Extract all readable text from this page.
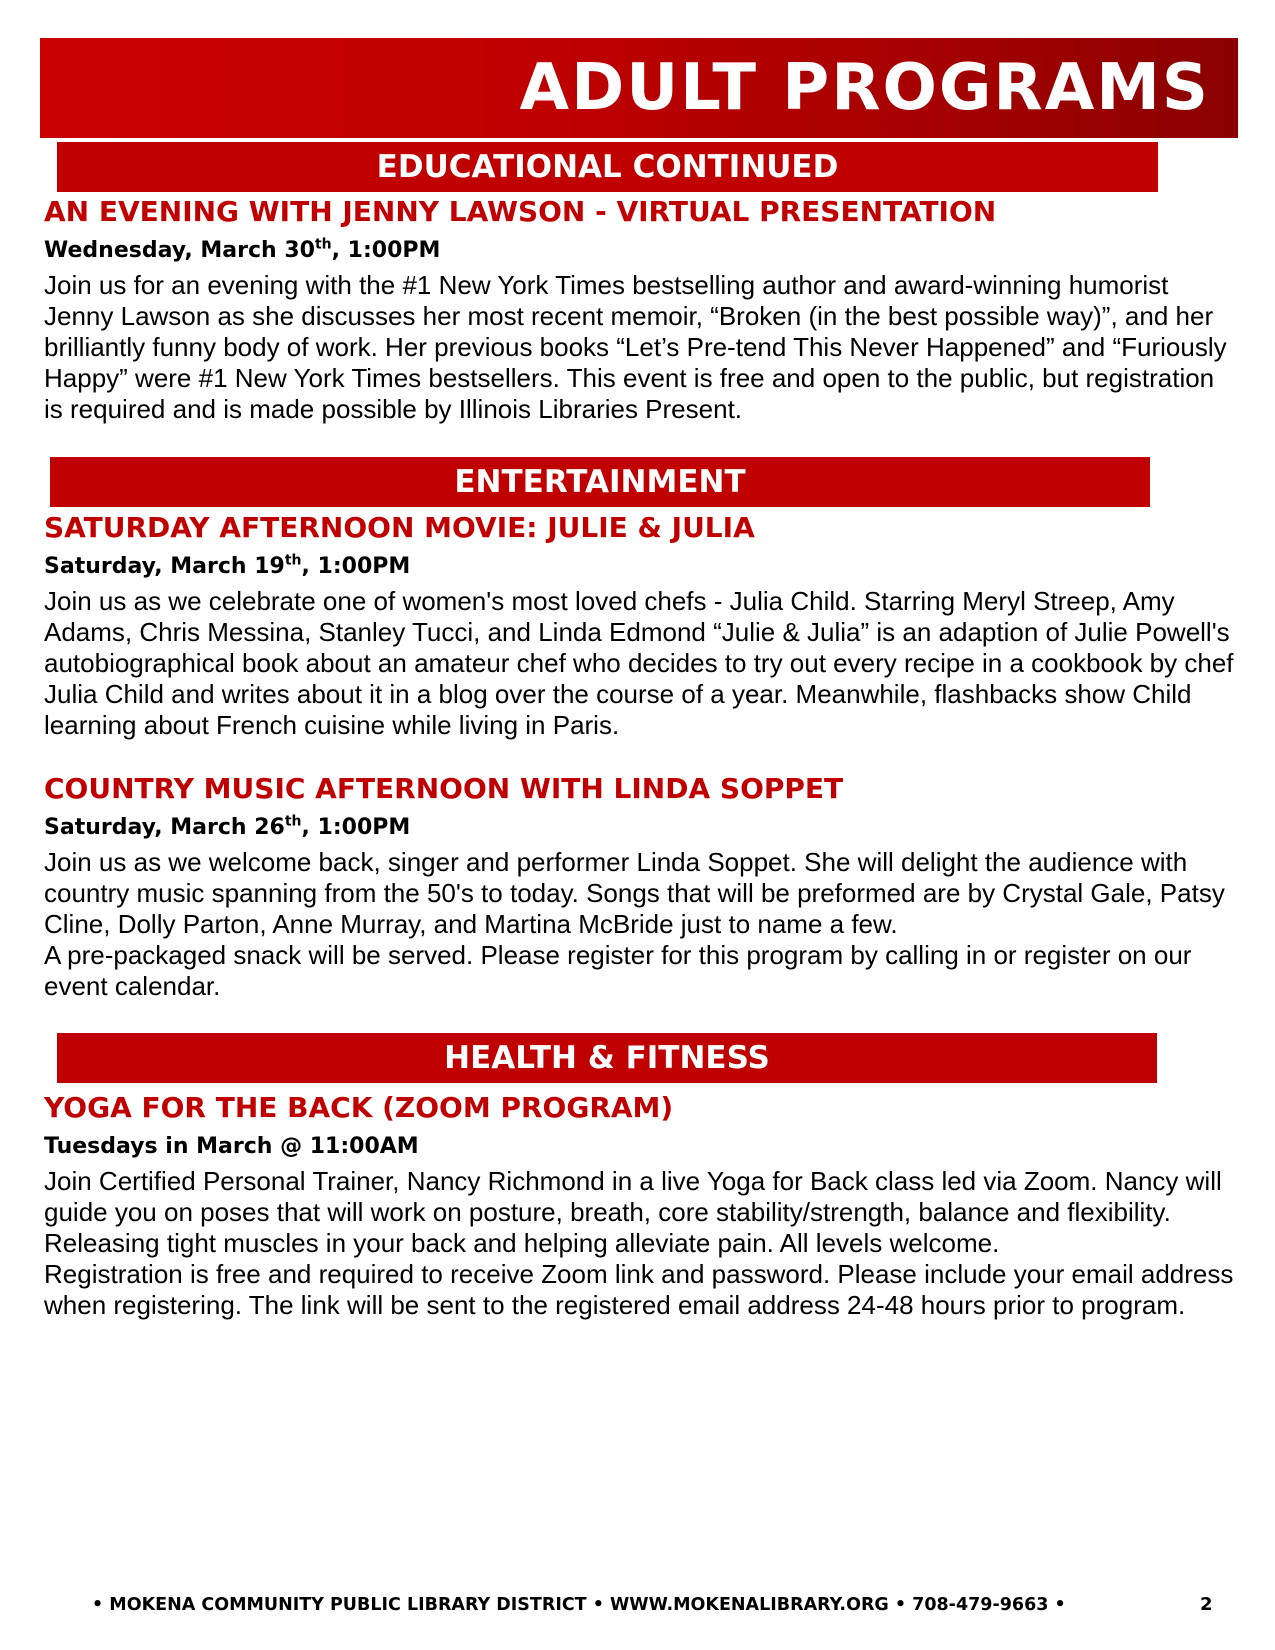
ADULT PROGRAMS
EDUCATIONAL CONTINUED
AN EVENING WITH JENNY LAWSON - VIRTUAL PRESENTATION
Wednesday, March 30th, 1:00PM

Join us for an evening with the #1 New York Times bestselling author and award-winning humorist Jenny Lawson as she discusses her most recent memoir, “Broken (in the best possible way)”, and her brilliantly funny body of work. Her previous books “Let’s Pre-tend This Never Happened” and “Furiously Happy” were #1 New York Times bestsellers. This event is free and open to the public, but registration is required and is made possible by Illinois Libraries Present.

ENTERTAINMENT
SATURDAY AFTERNOON MOVIE: JULIE & JULIA
Saturday, March 19th, 1:00PM

Join us as we celebrate one of women's most loved chefs - Julia Child. Starring Meryl Streep, Amy Adams, Chris Messina, Stanley Tucci, and Linda Edmond “Julie & Julia” is an adaption of Julie Powell's autobiographical book about an amateur chef who decides to try out every recipe in a cookbook by chef Julia Child and writes about it in a blog over the course of a year. Meanwhile, flashbacks show Child learning about French cuisine while living in Paris.

COUNTRY MUSIC AFTERNOON WITH LINDA SOPPET
Saturday, March 26th, 1:00PM

Join us as we welcome back, singer and performer Linda Soppet. She will delight the audience with country music spanning from the 50's to today. Songs that will be preformed are by Crystal Gale, Patsy Cline, Dolly Parton, Anne Murray, and Martina McBride just to name a few.

A pre-packaged snack will be served. Please register for this program by calling in or register on our event calendar.

HEALTH & FITNESS
YOGA FOR THE BACK (ZOOM PROGRAM)
Tuesdays in March @ 11:00AM

Join Certified Personal Trainer, Nancy Richmond in a live Yoga for Back class led via Zoom. Nancy will guide you on poses that will work on posture, breath, core stability/strength, balance and flexibility. Releasing tight muscles in your back and helping alleviate pain. All levels welcome.

Registration is free and required to receive Zoom link and password. Please include your email address when registering. The link will be sent to the registered email address 24-48 hours prior to program.

• MOKENA COMMUNITY PUBLIC LIBRARY DISTRICT • WWW.MOKENALIBRARY.ORG • 708-479-9663 •	2
